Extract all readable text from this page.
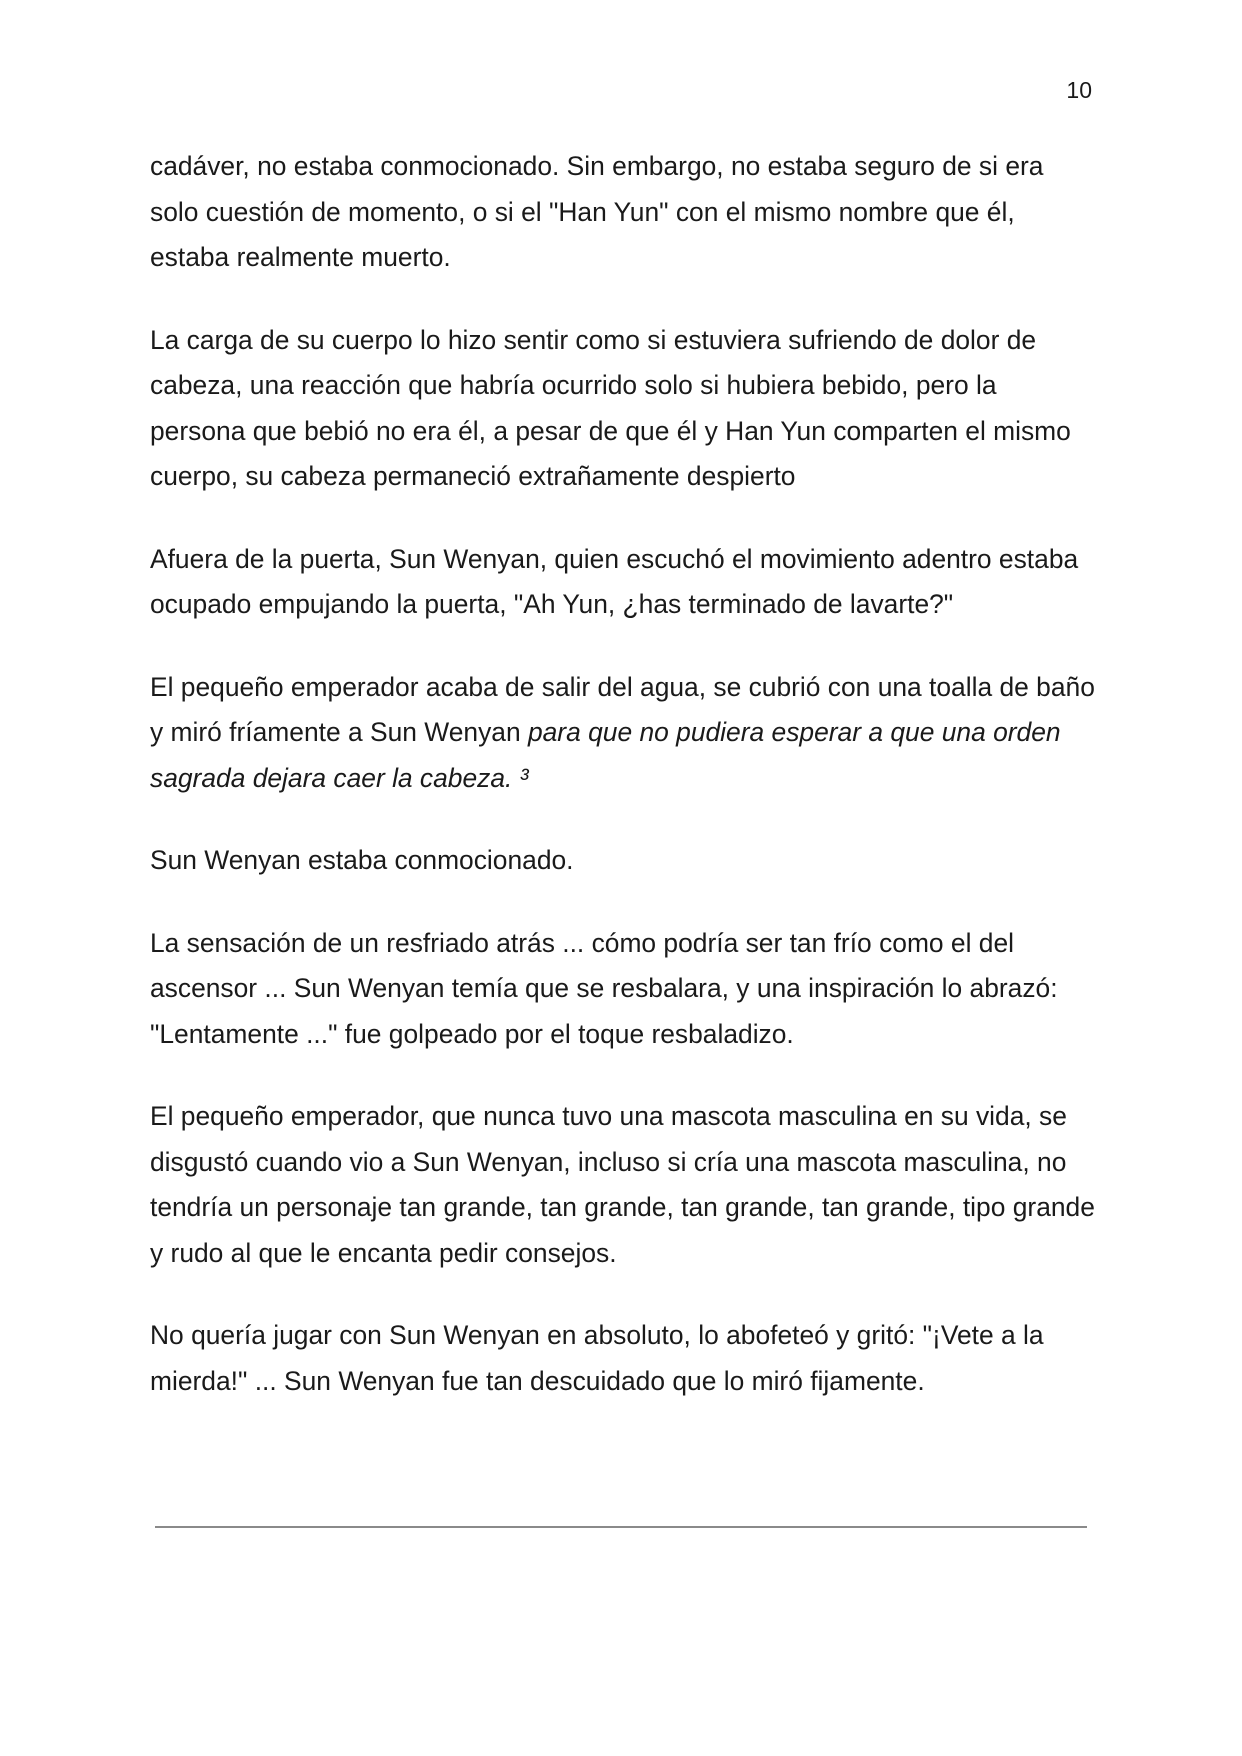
10

cadáver, no estaba conmocionado. Sin embargo, no estaba seguro de si era solo cuestión de momento, o si el "Han Yun" con el mismo nombre que él, estaba realmente muerto.

La carga de su cuerpo lo hizo sentir como si estuviera sufriendo de dolor de cabeza, una reacción que habría ocurrido solo si hubiera bebido, pero la persona que bebió no era él, a pesar de que él y Han Yun comparten el mismo cuerpo, su cabeza permaneció extrañamente despierto

Afuera de la puerta, Sun Wenyan, quien escuchó el movimiento adentro estaba ocupado empujando la puerta, "Ah Yun, ¿has terminado de lavarte?"

El pequeño emperador acaba de salir del agua, se cubrió con una toalla de baño y miró fríamente a Sun Wenyan para que no pudiera esperar a que una orden sagrada dejara caer la cabeza. ³

Sun Wenyan estaba conmocionado.

La sensación de un resfriado atrás ... cómo podría ser tan frío como el del ascensor ... Sun Wenyan temía que se resbalara, y una inspiración lo abrazó: "Lentamente ..." fue golpeado por el toque resbaladizo.

El pequeño emperador, que nunca tuvo una mascota masculina en su vida, se disgustó cuando vio a Sun Wenyan, incluso si cría una mascota masculina, no tendría un personaje tan grande, tan grande, tan grande, tan grande, tipo grande y rudo al que le encanta pedir consejos.

No quería jugar con Sun Wenyan en absoluto, lo abofeteó y gritó: "¡Vete a la mierda!" ... Sun Wenyan fue tan descuidado que lo miró fijamente.
